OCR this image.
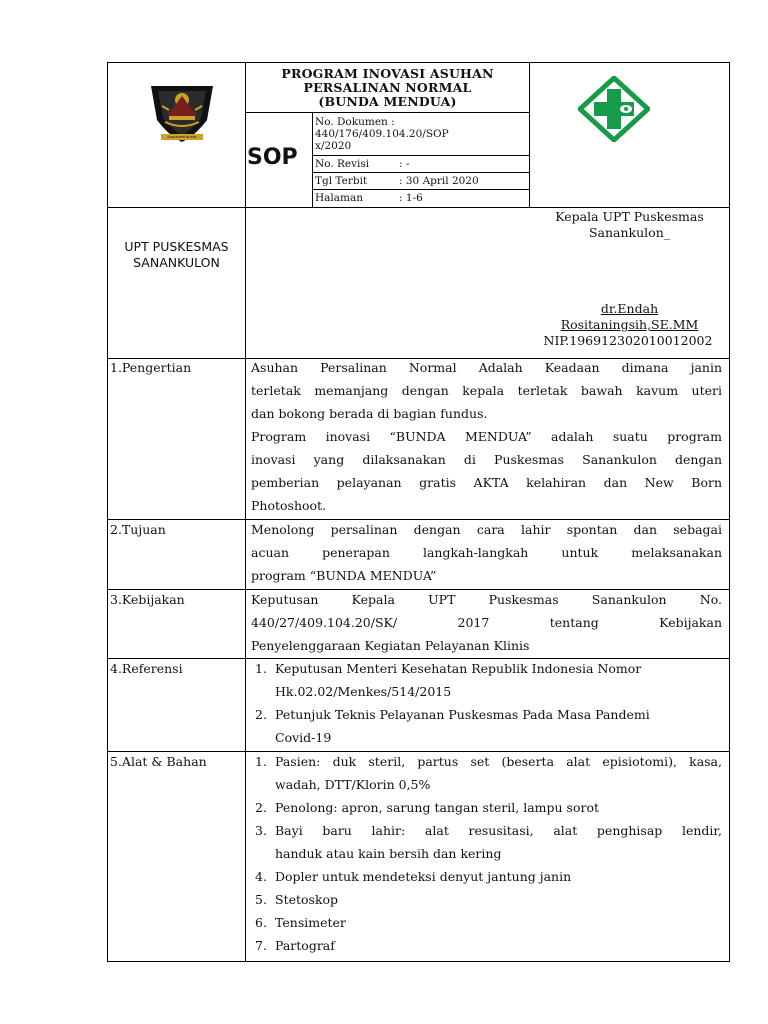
KABUPATEN BLITAR
PROGRAM INOVASI ASUHAN
PERSALINAN NORMAL
(BUNDA MENDUA)
SOP
No. Dokumen :
440/176/409.104.20/SOP x/2020
No. Revisi	: -
Tgl Terbit	: 30 April 2020
Halaman	: 1-6
UPT PUSKESMAS
SANANKULON
Kepala UPT Puskesmas
Sanankulon_
dr.Endah
Rositaningsih,SE.MM
NIP.196912302010012002
1.Pengertian	Asuhan Persalinan Normal Adalah Keadaan dimana janin
terletak memanjang dengan kepala terletak bawah kavum uteri
dan bokong berada di bagian fundus.
Program inovasi “BUNDA MENDUA” adalah suatu program
inovasi yang dilaksanakan di Puskesmas Sanankulon dengan
pemberian pelayanan gratis AKTA kelahiran dan New Born
Photoshoot.
2.Tujuan	Menolong persalinan dengan cara lahir spontan dan sebagai
acuan penerapan langkah-langkah untuk melaksanakan
program “BUNDA MENDUA”
3.Kebijakan	Keputusan Kepala UPT Puskesmas Sanankulon No.
440/27/409.104.20/SK/ 2017 tentang Kebijakan
Penyelenggaraan Kegiatan Pelayanan Klinis
4.Referensi	1. Keputusan Menteri Kesehatan Republik Indonesia Nomor
Hk.02.02/Menkes/514/2015
2. Petunjuk Teknis Pelayanan Puskesmas Pada Masa Pandemi
Covid-19
5.Alat & Bahan	1. Pasien: duk steril, partus set (beserta alat episiotomi), kasa,
wadah, DTT/Klorin 0,5%
2. Penolong: apron, sarung tangan steril, lampu sorot
3. Bayi baru lahir: alat resusitasi, alat penghisap lendir,
handuk atau kain bersih dan kering
4. Dopler untuk mendeteksi denyut jantung janin
5. Stetoskop
6. Tensimeter
7. Partograf
